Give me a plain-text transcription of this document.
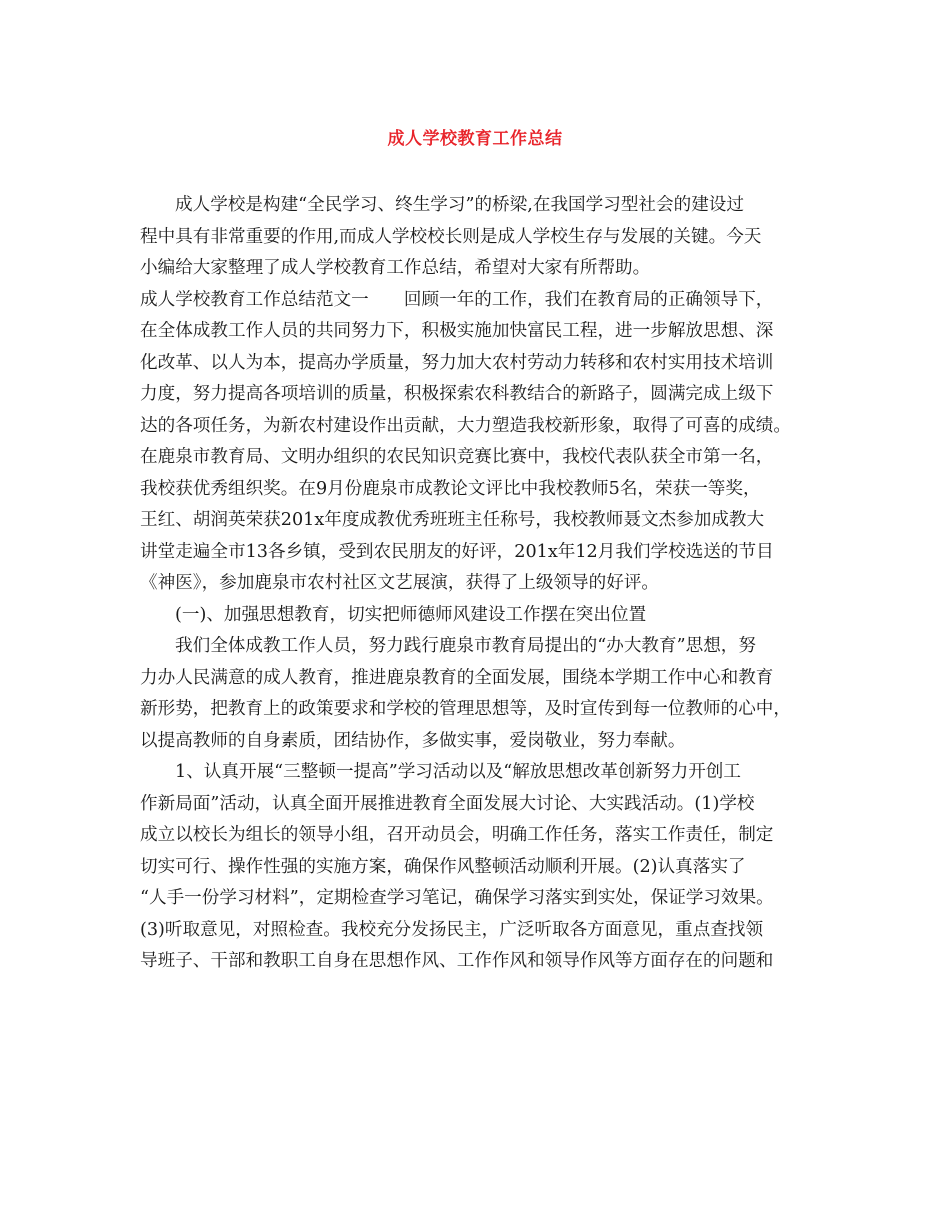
成人学校教育工作总结
成人学校是构建“全民学习、终生学习”的桥梁,在我国学习型社会的建设过
程中具有非常重要的作用,而成人学校校长则是成人学校生存与发展的关键。今天
小编给大家整理了成人学校教育工作总结，希望对大家有所帮助。
成人学校教育工作总结范文一　　回顾一年的工作，我们在教育局的正确领导下，
在全体成教工作人员的共同努力下，积极实施加快富民工程，进一步解放思想、深
化改革、以人为本，提高办学质量，努力加大农村劳动力转移和农村实用技术培训
力度，努力提高各项培训的质量，积极探索农科教结合的新路子，圆满完成上级下
达的各项任务，为新农村建设作出贡献，大力塑造我校新形象，取得了可喜的成绩。
在鹿泉市教育局、文明办组织的农民知识竞赛比赛中，我校代表队获全市第一名，
我校获优秀组织奖。在9月份鹿泉市成教论文评比中我校教师5名，荣获一等奖，
王红、胡润英荣获201x年度成教优秀班班主任称号，我校教师聂文杰参加成教大
讲堂走遍全市13各乡镇，受到农民朋友的好评，201x年12月我们学校选送的节目
《神医》，参加鹿泉市农村社区文艺展演，获得了上级领导的好评。
(一)、加强思想教育，切实把师德师风建设工作摆在突出位置
我们全体成教工作人员，努力践行鹿泉市教育局提出的“办大教育”思想，努
力办人民满意的成人教育，推进鹿泉教育的全面发展，围绕本学期工作中心和教育
新形势，把教育上的政策要求和学校的管理思想等，及时宣传到每一位教师的心中，
以提高教师的自身素质，团结协作，多做实事，爱岗敬业，努力奉献。
1、认真开展“三整顿一提高”学习活动以及“解放思想改革创新努力开创工
作新局面”活动，认真全面开展推进教育全面发展大讨论、大实践活动。(1)学校
成立以校长为组长的领导小组，召开动员会，明确工作任务，落实工作责任，制定
切实可行、操作性强的实施方案，确保作风整顿活动顺利开展。(2)认真落实了
“人手一份学习材料”，定期检查学习笔记，确保学习落实到实处，保证学习效果。
(3)听取意见，对照检查。我校充分发扬民主，广泛听取各方面意见，重点查找领
导班子、干部和教职工自身在思想作风、工作作风和领导作风等方面存在的问题和
